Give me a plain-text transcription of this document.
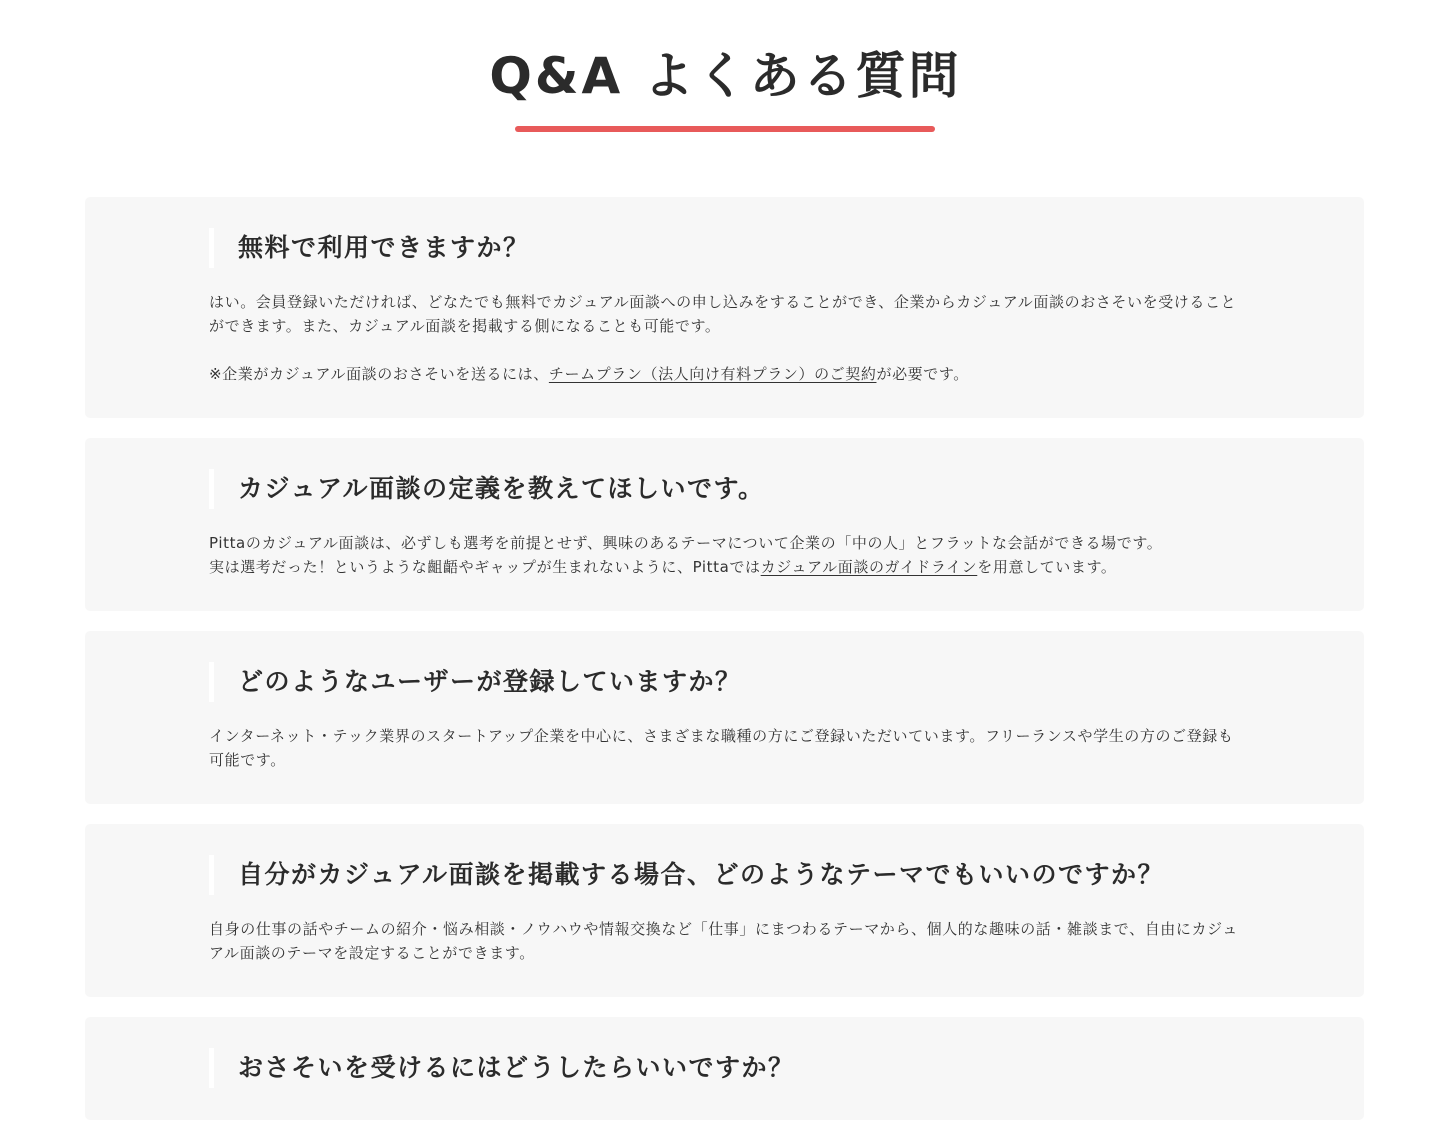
Q&A よくある質問
無料で利用できますか？

はい。会員登録いただければ、どなたでも無料でカジュアル面談への申し込みをすることができ、企業からカジュアル面談のおさそいを受けることができます。また、カジュアル面談を掲載する側になることも可能です。

※企業がカジュアル面談のおさそいを送るには、チームプラン（法人向け有料プラン）のご契約が必要です。

カジュアル面談の定義を教えてほしいです。
Pittaのカジュアル面談は、必ずしも選考を前提とせず、興味のあるテーマについて企業の「中の人」とフラットな会話ができる場です。
実は選考だった！というような齟齬やギャップが生まれないように、Pittaではカジュアル面談のガイドラインを用意しています。
どのようなユーザーが登録していますか？

インターネット・テック業界のスタートアップ企業を中心に、さまざまな職種の方にご登録いただいています。フリーランスや学生の方のご登録も可能です。

自分がカジュアル面談を掲載する場合、どのようなテーマでもいいのですか？

自身の仕事の話やチームの紹介・悩み相談・ノウハウや情報交換など「仕事」にまつわるテーマから、個人的な趣味の話・雑談まで、自由にカジュアル面談のテーマを設定することができます。

おさそいを受けるにはどうしたらいいですか？
